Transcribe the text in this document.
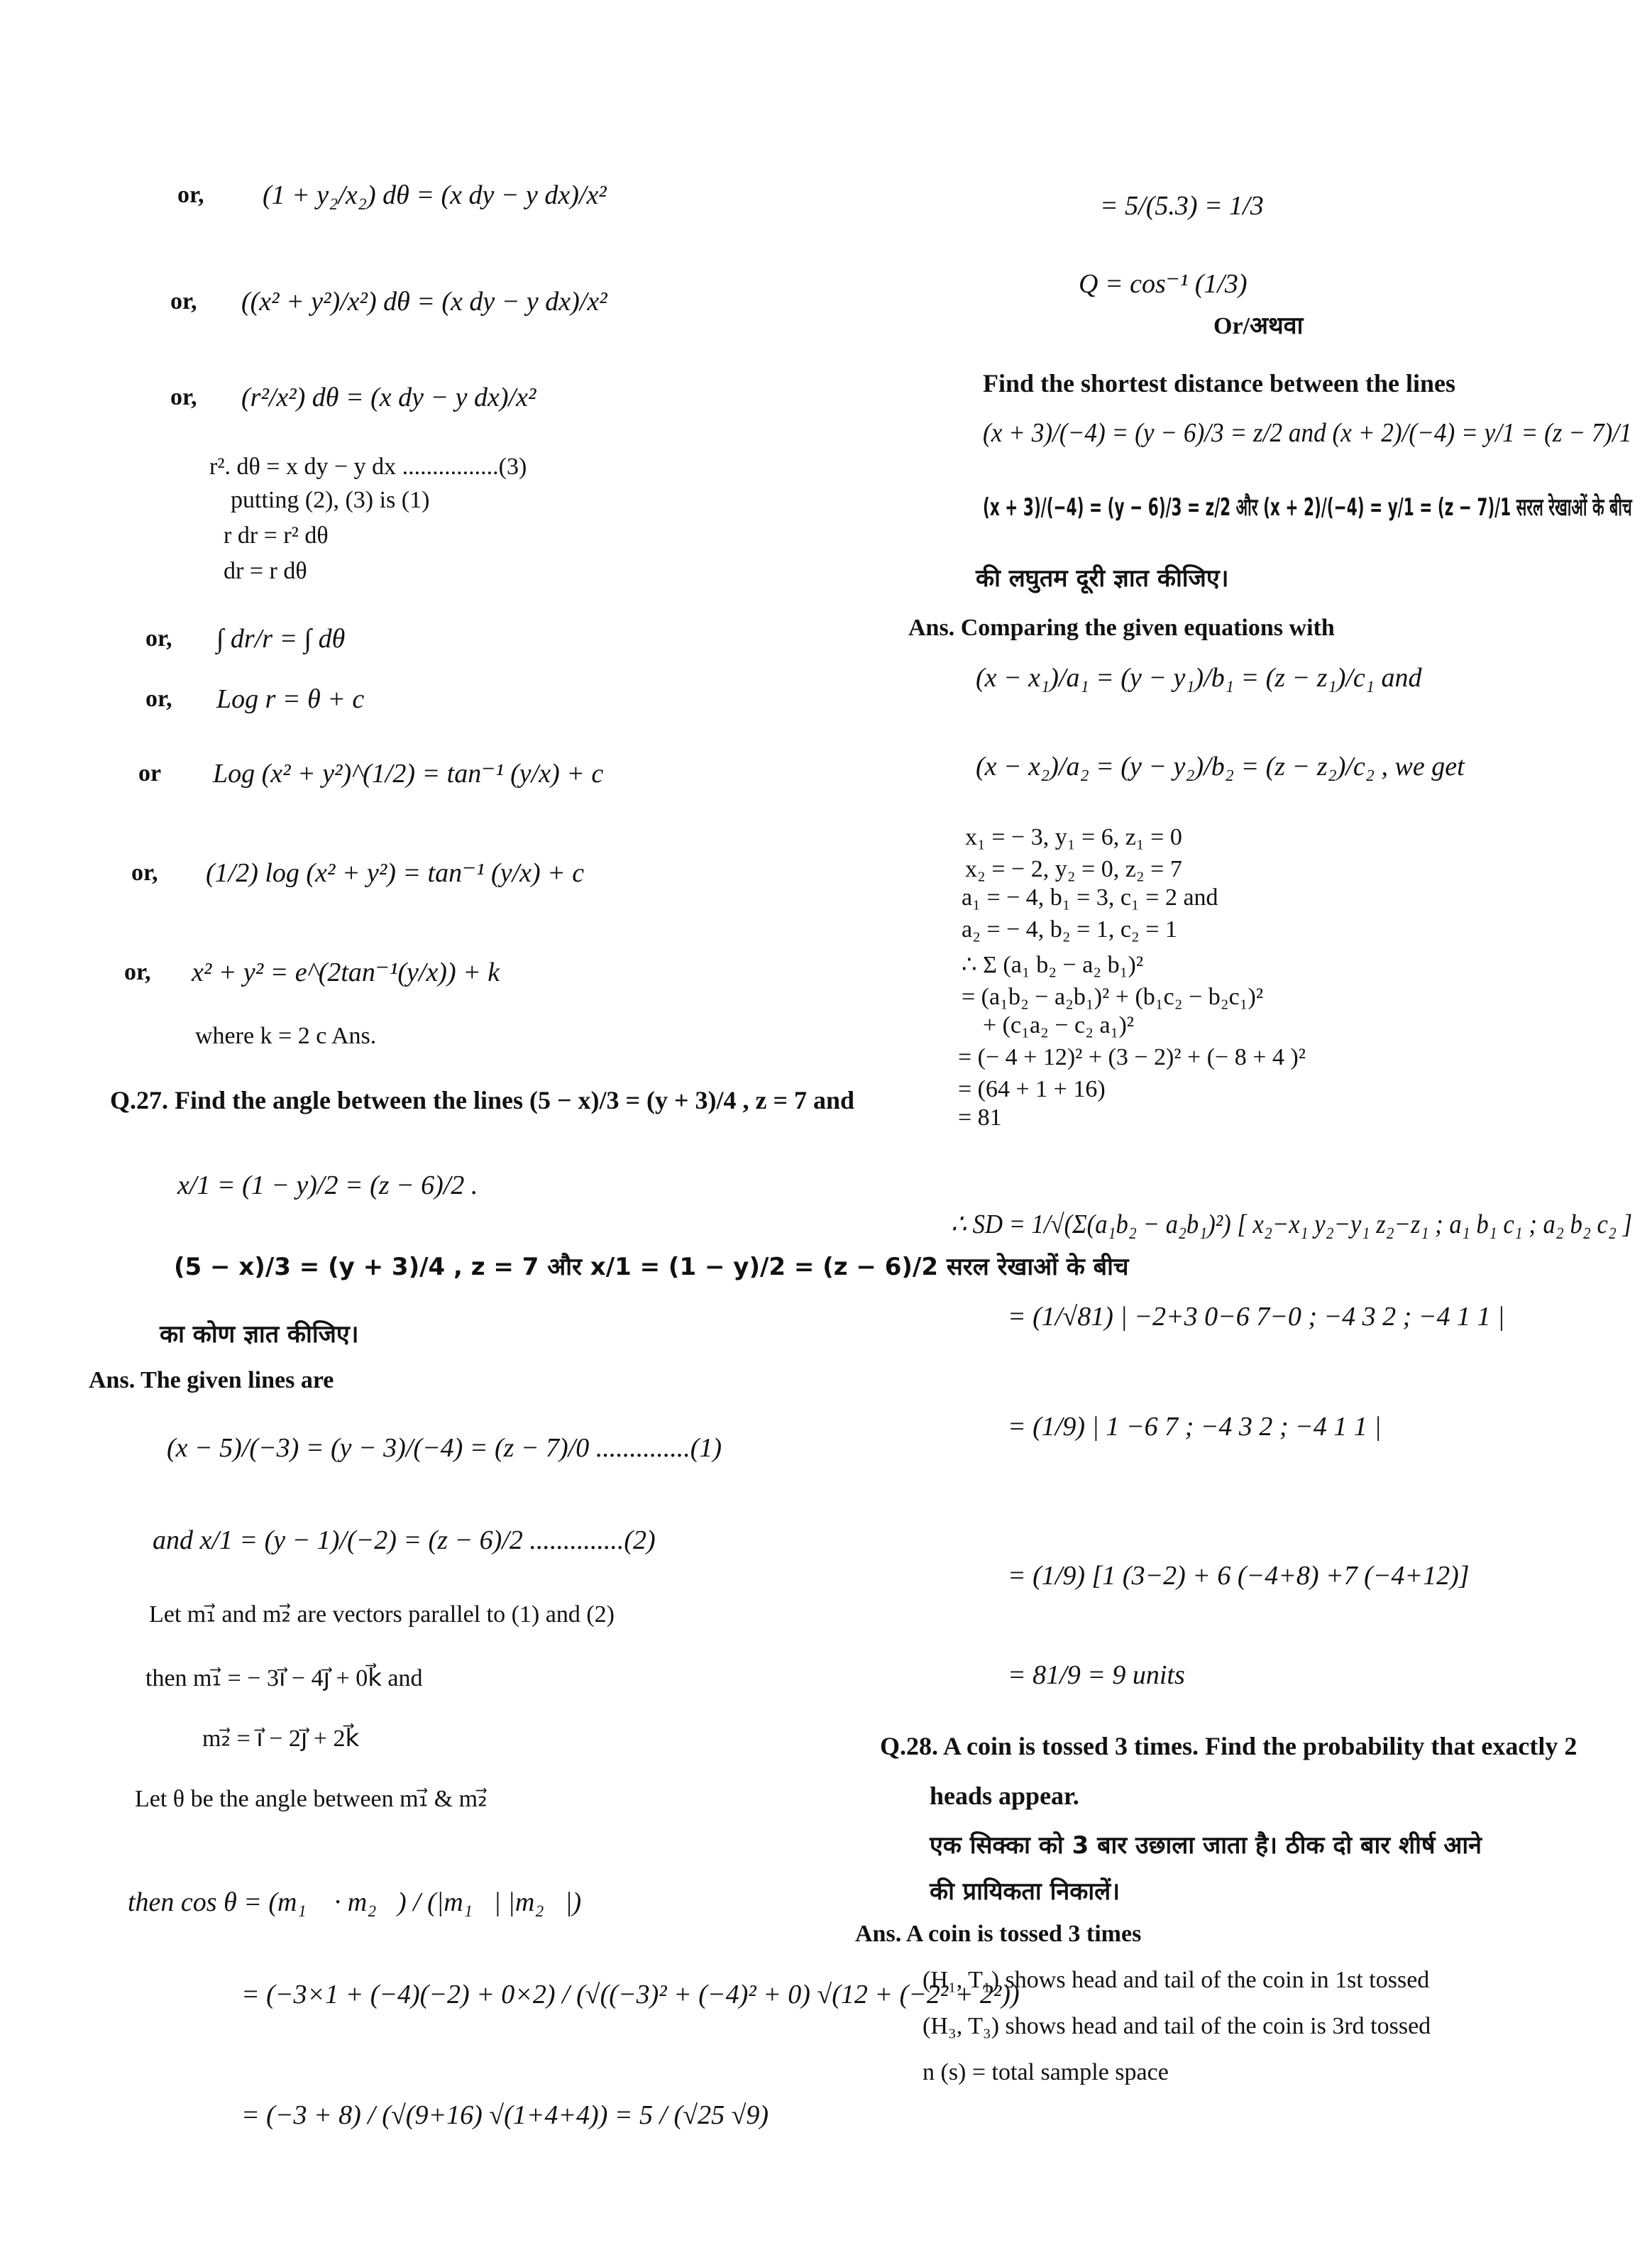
or, (1 + y₂/x₂) dθ = (x dy − y dx)/x²
or, ((x² + y²)/x²) dθ = (x dy − y dx)/x²
or, (r²/x²) dθ = (x dy − y dx)/x²
r². dθ = x dy − y dx ................(3)
putting (2), (3) is (1)
r dr = r² dθ
dr = r dθ
or, ∫ dr/r = ∫ dθ
or, Log r = θ + c
or Log (x² + y²)^(1/2) = tan⁻¹ (y/x) + c
or, (1/2) log (x² + y²) = tan⁻¹ (y/x) + c
or, x² + y² = e^(2tan⁻¹(y/x)) + k
where k = 2 c Ans.
Q.27. Find the angle between the lines (5 − x)/3 = (y + 3)/4 , z = 7 and
x/1 = (1 − y)/2 = (z − 6)/2 .
(5 − x)/3 = (y + 3)/4 , z = 7 और x/1 = (1 − y)/2 = (z − 6)/2 सरल रेखाओं के बीच
का कोण ज्ञात कीजिए।
Ans. The given lines are
(x − 5)/(−3) = (y − 3)/(−4) = (z − 7)/0 ..............(1)
and x/1 = (y − 1)/(−2) = (z − 6)/2 ..............(2)
Let m₁⃗ and m₂⃗ are vectors parallel to (1) and (2)
then m₁⃗ = − 3i⃗ − 4j⃗ + 0k⃗ and
m₂⃗ = i⃗ − 2j⃗ + 2k⃗
Let θ be the angle between m₁⃗ & m₂⃗
then cos θ = (m₁⃗ · m₂⃗) / (|m₁⃗| |m₂⃗|)
= (−3×1 + (−4)(−2) + 0×2) / (√((−3)² + (−4)² + 0) √(12 + (−2² + 2²))
= (−3 + 8) / (√(9+16) √(1+4+4)) = 5 / (√25 √9)
= 5/(5.3) = 1/3
Q = cos⁻¹ (1/3)
Or/अथवा
Find the shortest distance between the lines
(x + 3)/(−4) = (y − 6)/3 = z/2 and (x + 2)/(−4) = y/1 = (z − 7)/1
(x + 3)/(−4) = (y − 6)/3 = z/2 और (x + 2)/(−4) = y/1 = (z − 7)/1 सरल रेखाओं के बीच
की लघुतम दूरी ज्ञात कीजिए।
Ans. Comparing the given equations with
(x − x₁)/a₁ = (y − y₁)/b₁ = (z − z₁)/c₁ and
(x − x₂)/a₂ = (y − y₂)/b₂ = (z − z₂)/c₂ , we get
x₁ = − 3, y₁ = 6, z₁ = 0
x₂ = − 2, y₂ = 0, z₂ = 7
a₁ = − 4, b₁ = 3, c₁ = 2 and
a₂ = − 4, b₂ = 1, c₂ = 1
∴ Σ (a₁ b₂ − a₂ b₁)²
= (a₁b₂ − a₂b₁)² + (b₁c₂ − b₂c₁)²
+ (c₁a₂ − c₂ a₁)²
= (− 4 + 12)² + (3 − 2)² + (− 8 + 4 )²
= (64 + 1 + 16)
= 81
∴ SD = 1/√(Σ(a₁b₂ − a₂b₁)²) [ x₂−x₁ y₂−y₁ z₂−z₁ ; a₁ b₁ c₁ ; a₂ b₂ c₂ ]
= (1/√81) | −2+3 0−6 7−0 ; −4 3 2 ; −4 1 1 |
= (1/9) | 1 −6 7 ; −4 3 2 ; −4 1 1 |
= (1/9) [1 (3−2) + 6 (−4+8) +7 (−4+12)]
= 81/9 = 9 units
Q.28. A coin is tossed 3 times. Find the probability that exactly 2
heads appear.
एक सिक्का को 3 बार उछाला जाता है। ठीक दो बार शीर्ष आने
की प्रायिकता निकालें।
Ans. A coin is tossed 3 times
(H₁, T₁) shows head and tail of the coin in 1st tossed
(H₃, T₃) shows head and tail of the coin is 3rd tossed
n (s) = total sample space
